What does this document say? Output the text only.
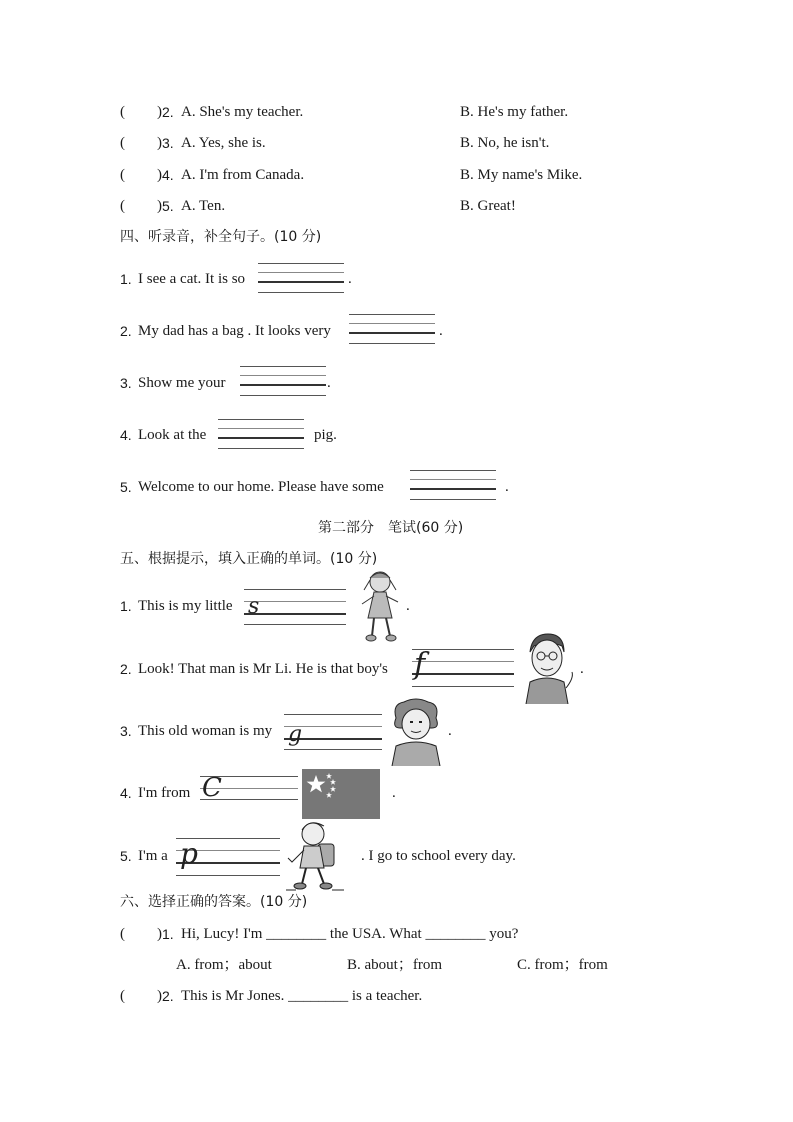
( ) 2. A. She's my teacher.	B. He's my father.
( ) 3. A. Yes, she is.	B. No, he isn't.
( ) 4. A. I'm from Canada.	B. My name's Mike.
( ) 5. A. Ten.	B. Great!
四、听录音，补全句子。(10 分)
1. I see a cat. It is so	.
2. My dad has a bag . It looks very	.
3. Show me your	.
4. Look at the	pig.
5. Welcome to our home. Please have some	.
第二部分　笔试(60 分)
五、根据提示，填入正确的单词。(10 分)
1. This is my little s	.
2. Look! That man is Mr Li. He is that boy's f	.
3. This old woman is my g	.
4. I'm from C	.
5. I'm a p	. I go to school every day.
六、选择正确的答案。(10 分)
( ) 1. Hi, Lucy! I'm ________ the USA. What ________ you?
A. from；about	B. about；from	C. from；from
( ) 2. This is Mr Jones. ________ is a teacher.
